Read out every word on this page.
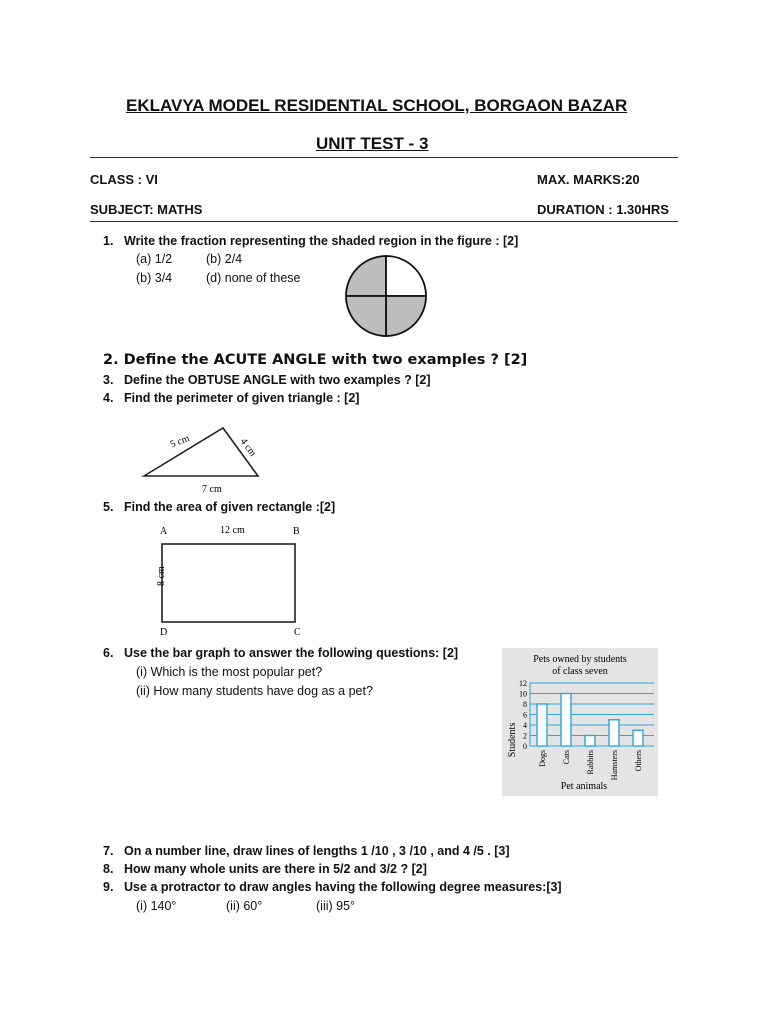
EKLAVYA MODEL RESIDENTIAL SCHOOL, BORGAON BAZAR
UNIT TEST - 3
CLASS : VI	MAX. MARKS:20
SUBJECT: MATHS	DURATION : 1.30HRS
1. Write the fraction representing the shaded region in the figure : [2]
(a) 1/2	(b) 2/4
(b) 3/4	(d) none of these
2. Define the ACUTE ANGLE with two examples ? [2]
3. Define the OBTUSE ANGLE with two examples ? [2]
4. Find the perimeter of given triangle : [2]
5 cm	4 cm
7 cm
5. Find the area of given rectangle :[2]
A	B
C
D
12 cm
8 cm
6. Use the bar graph to answer the following questions: [2]
(i) Which is the most popular pet?
(ii) How many students have dog as a pet?
Pets owned by students
of class seven
12
10
8
6
4
2
0
Dogs Cats Rabbits Hamsters Others
Students
Pet animals
7. On a number line, draw lines of lengths 1 /10 , 3 /10 , and 4 /5 . [3]
8. How many whole units are there in 5/2 and 3/2 ? [2]
9. Use a protractor to draw angles having the following degree measures:[3]
(i) 140°	(ii) 60°	(iii) 95°
